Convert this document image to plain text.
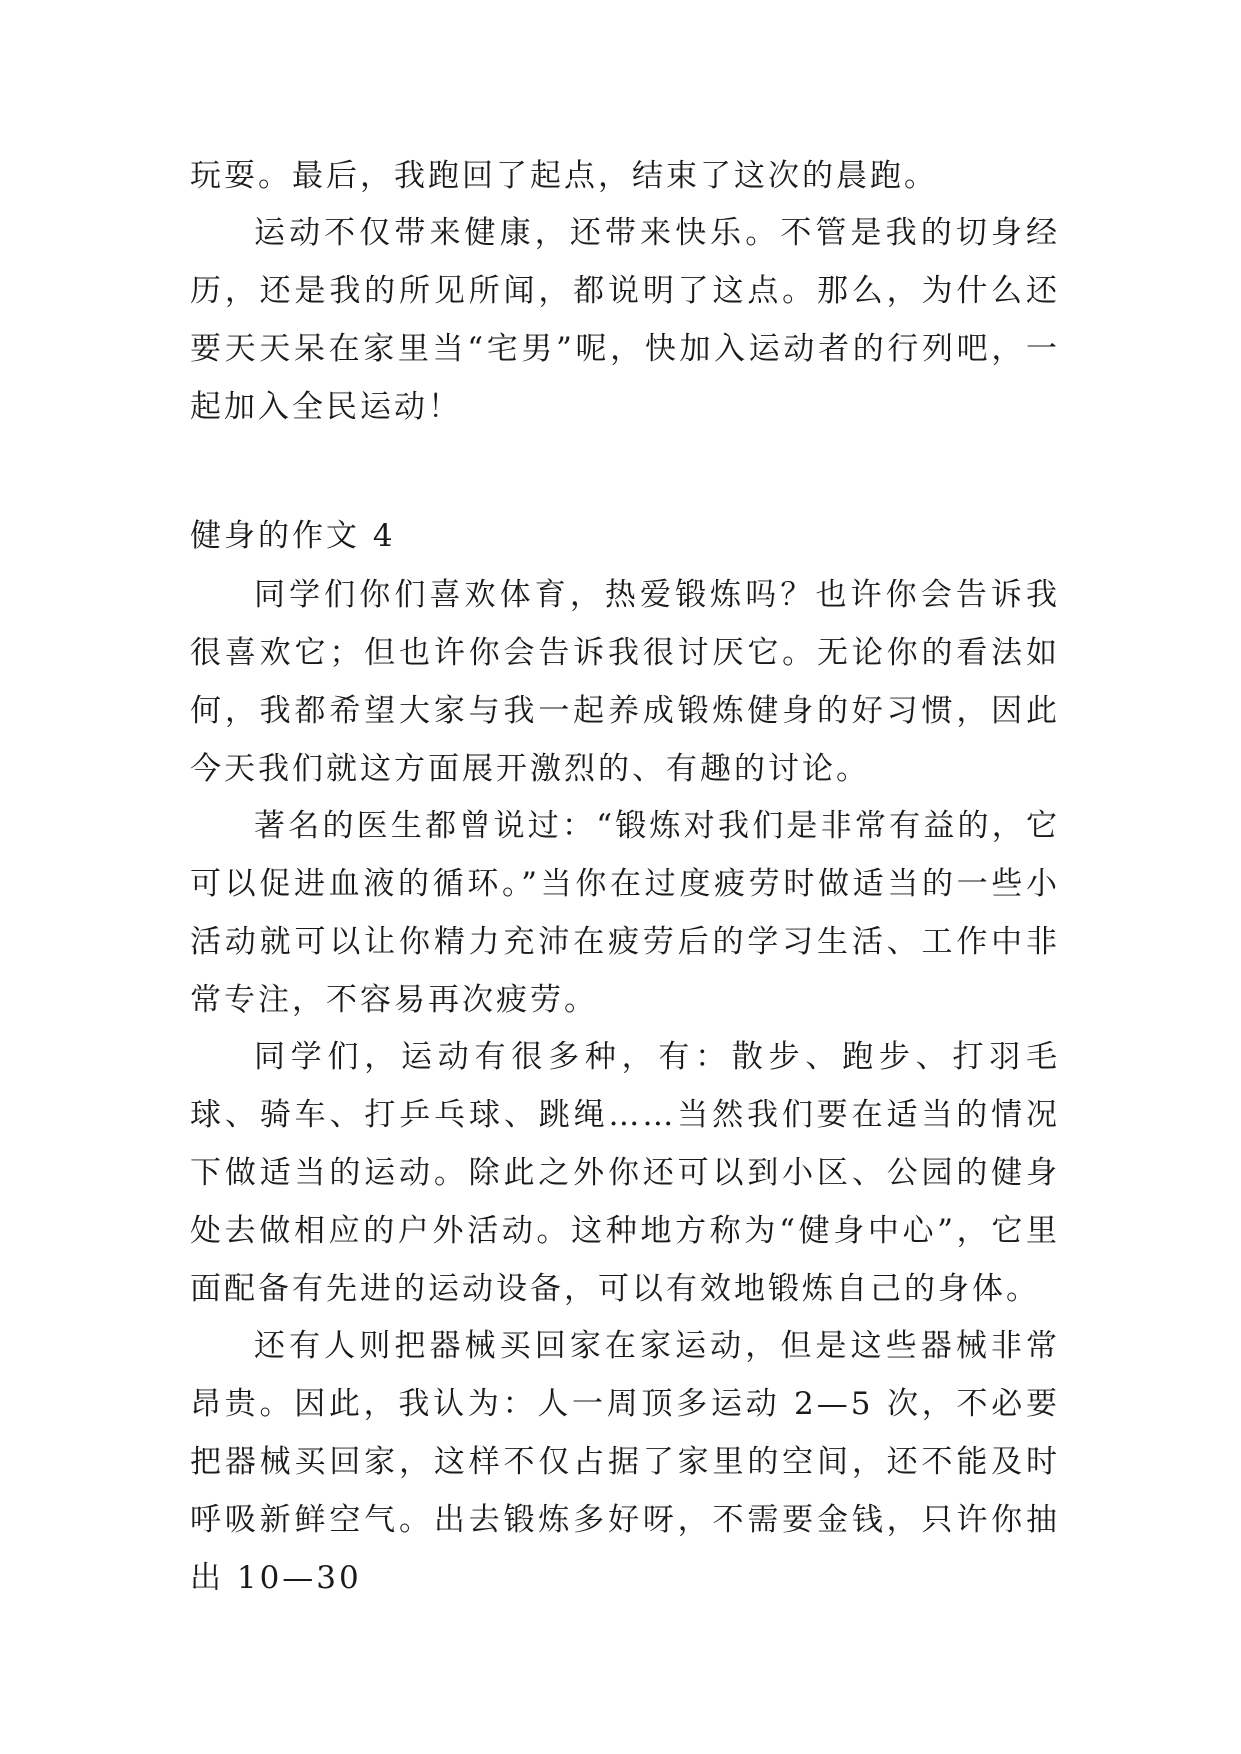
玩耍。最后，我跑回了起点，结束了这次的晨跑。

运动不仅带来健康，还带来快乐。不管是我的切身经历，还是我的所见所闻，都说明了这点。那么，为什么还要天天呆在家里当“宅男”呢，快加入运动者的行列吧，一起加入全民运动！

健身的作文 4

同学们你们喜欢体育，热爱锻炼吗？也许你会告诉我很喜欢它；但也许你会告诉我很讨厌它。无论你的看法如何，我都希望大家与我一起养成锻炼健身的好习惯，因此今天我们就这方面展开激烈的、有趣的讨论。

著名的医生都曾说过：“锻炼对我们是非常有益的，它可以促进血液的循环。”当你在过度疲劳时做适当的一些小活动就可以让你精力充沛在疲劳后的学习生活、工作中非常专注，不容易再次疲劳。

同学们，运动有很多种，有：散步、跑步、打羽毛球、骑车、打乒乓球、跳绳……当然我们要在适当的情况下做适当的运动。除此之外你还可以到小区、公园的健身处去做相应的户外活动。这种地方称为“健身中心”，它里面配备有先进的运动设备，可以有效地锻炼自己的身体。

还有人则把器械买回家在家运动，但是这些器械非常昂贵。因此，我认为：人一周顶多运动 2—5 次，不必要把器械买回家，这样不仅占据了家里的空间，还不能及时呼吸新鲜空气。出去锻炼多好呀，不需要金钱，只许你抽出 10—30
